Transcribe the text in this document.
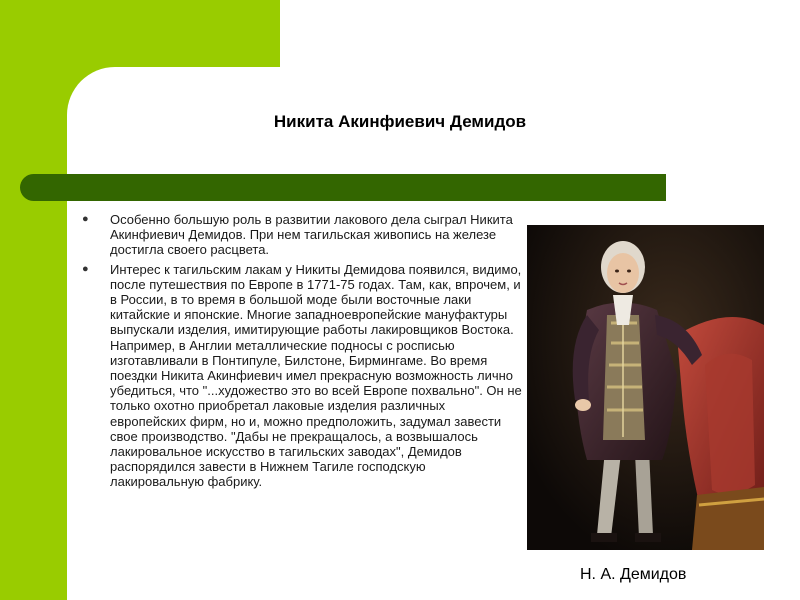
Никита Акинфиевич Демидов
● Особенно большую роль в развитии лакового дела сыграл Никита Акинфиевич Демидов. При нем тагильская живопись на железе достигла своего расцвета.
● Интерес к тагильским лакам у Никиты Демидова появился, видимо, после путешествия по Европе в 1771-75 годах. Там, как, впрочем, и в России, в то время в большой моде были восточные лаки китайские и японские. Многие западноевропейские мануфактуры выпускали изделия, имитирующие работы лакировщиков Востока. Например, в Англии металлические подносы с росписью изготавливали в Понтипуле, Билстоне, Бирмингаме. Во время поездки Никита Акинфиевич имел прекрасную возможность лично убедиться, что "...художество это во всей Европе похвально". Он не только охотно приобретал лаковые изделия различных европейских фирм, но и, можно предположить, задумал завести свое производство. "Дабы не прекращалось, а возвышалось лакировальное искусство в тагильских заводах", Демидов распорядился завести в Нижнем Тагиле господскую лакировальную фабрику.
Н. А. Демидов
